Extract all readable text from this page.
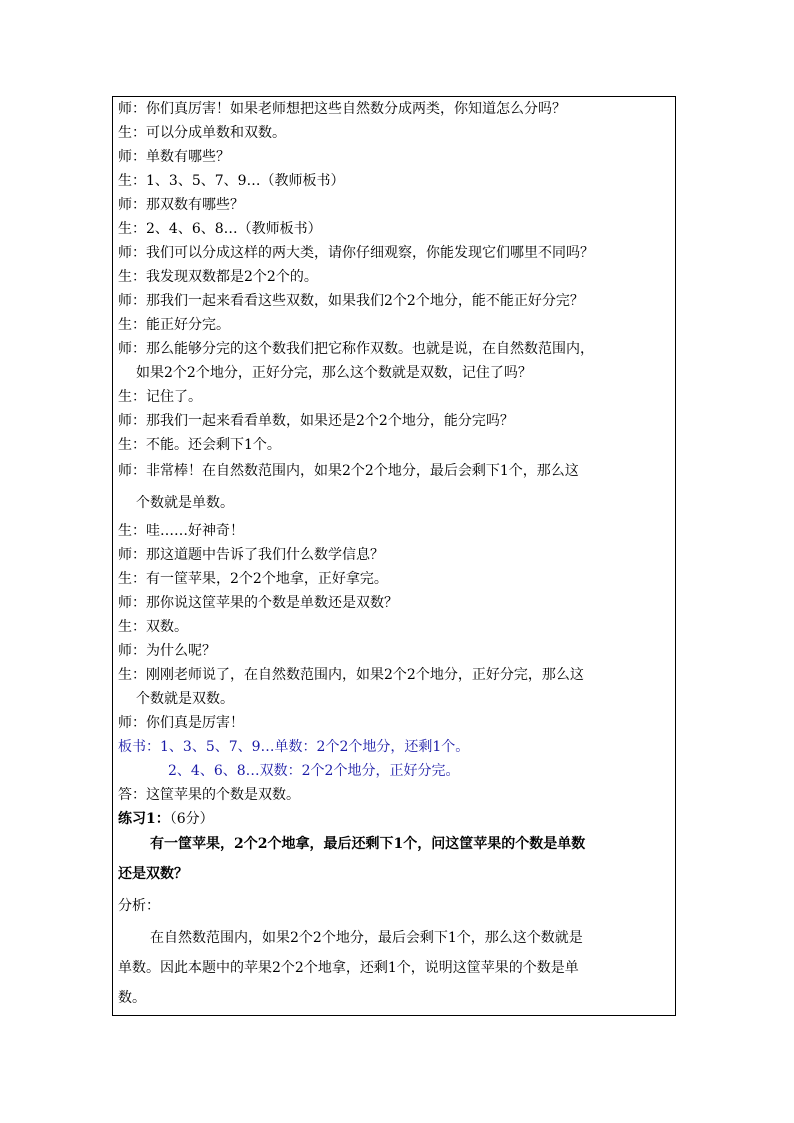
师：你们真厉害！如果老师想把这些自然数分成两类，你知道怎么分吗？
生：可以分成单数和双数。
师：单数有哪些？
生：1、3、5、7、9…（教师板书）
师：那双数有哪些？
生：2、4、6、8…（教师板书）
师：我们可以分成这样的两大类，请你仔细观察，你能发现它们哪里不同吗？
生：我发现双数都是2个2个的。
师：那我们一起来看看这些双数，如果我们2个2个地分，能不能正好分完？
生：能正好分完。
师：那么能够分完的这个数我们把它称作双数。也就是说，在自然数范围内，
如果2个2个地分，正好分完，那么这个数就是双数，记住了吗？
生：记住了。
师：那我们一起来看看单数，如果还是2个2个地分，能分完吗？
生：不能。还会剩下1个。
师：非常棒！在自然数范围内，如果2个2个地分，最后会剩下1个，那么这
个数就是单数。
生：哇……好神奇！
师：那这道题中告诉了我们什么数学信息？
生：有一筐苹果，2个2个地拿，正好拿完。
师：那你说这筐苹果的个数是单数还是双数？
生：双数。
师：为什么呢？
生：刚刚老师说了，在自然数范围内，如果2个2个地分，正好分完，那么这
个数就是双数。
师：你们真是厉害！
板书：1、3、5、7、9…单数：2个2个地分，还剩1个。
2、4、6、8…双数：2个2个地分，正好分完。
答：这筐苹果的个数是双数。
练习1：（6分）
有一筐苹果，2个2个地拿，最后还剩下1个，问这筐苹果的个数是单数
还是双数？
分析：
在自然数范围内，如果2个2个地分，最后会剩下1个，那么这个数就是
单数。因此本题中的苹果2个2个地拿，还剩1个，说明这筐苹果的个数是单
数。
